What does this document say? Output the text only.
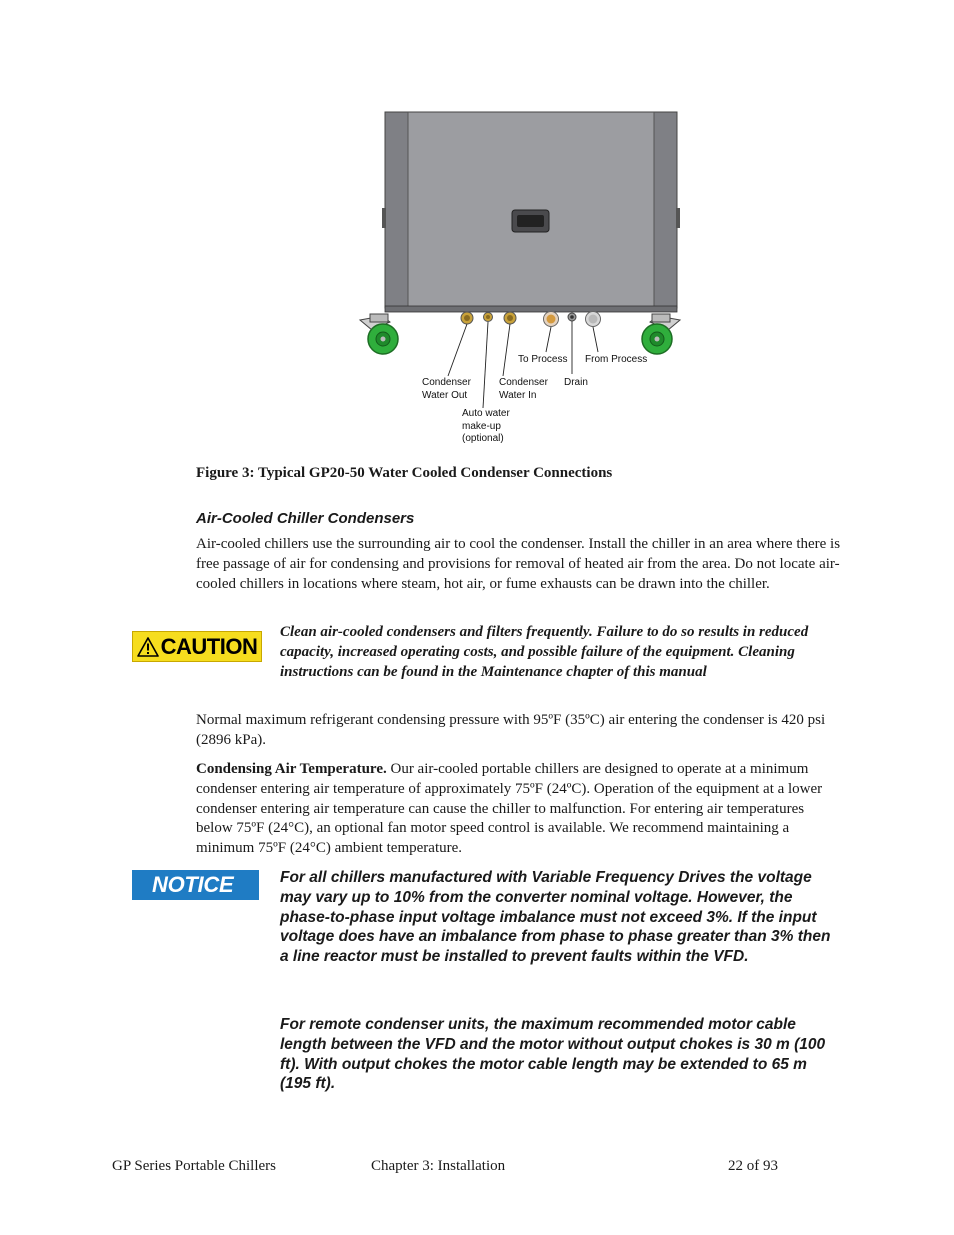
To Process From Process
Condenser
Water Out
Condenser
Water In
Drain
Auto water
make-up
(optional)

Figure 3: Typical GP20-50 Water Cooled Condenser Connections

Air-Cooled Chiller Condensers

Air-cooled chillers use the surrounding air to cool the condenser. Install the chiller in an area where there is free passage of air for condensing and provisions for removal of heated air from the area. Do not locate air-cooled chillers in locations where steam, hot air, or fume exhausts can be drawn into the chiller.

CAUTION

Clean air-cooled condensers and filters frequently. Failure to do so results in reduced capacity, increased operating costs, and possible failure of the equipment. Cleaning instructions can be found in the Maintenance chapter of this manual

Normal maximum refrigerant condensing pressure with 95ºF (35ºC) air entering the condenser is 420 psi (2896 kPa).

Condensing Air Temperature. Our air-cooled portable chillers are designed to operate at a minimum condenser entering air temperature of approximately 75ºF (24ºC). Operation of the equipment at a lower condenser entering air temperature can cause the chiller to malfunction. For entering air temperatures below 75ºF (24°C), an optional fan motor speed control is available. We recommend maintaining a minimum 75ºF (24°C) ambient temperature.

NOTICE	For all chillers manufactured with Variable Frequency Drives the voltage may vary up to 10% from the converter nominal voltage. However, the phase-to-phase input voltage imbalance must not exceed 3%. If the input voltage does have an imbalance from phase to phase greater than 3% then a line reactor must be installed to prevent faults within the VFD.

For remote condenser units, the maximum recommended motor cable length between the VFD and the motor without output chokes is 30 m (100 ft). With output chokes the motor cable length may be extended to 65 m (195 ft).

GP Series Portable Chillers	Chapter 3: Installation	22 of 93
